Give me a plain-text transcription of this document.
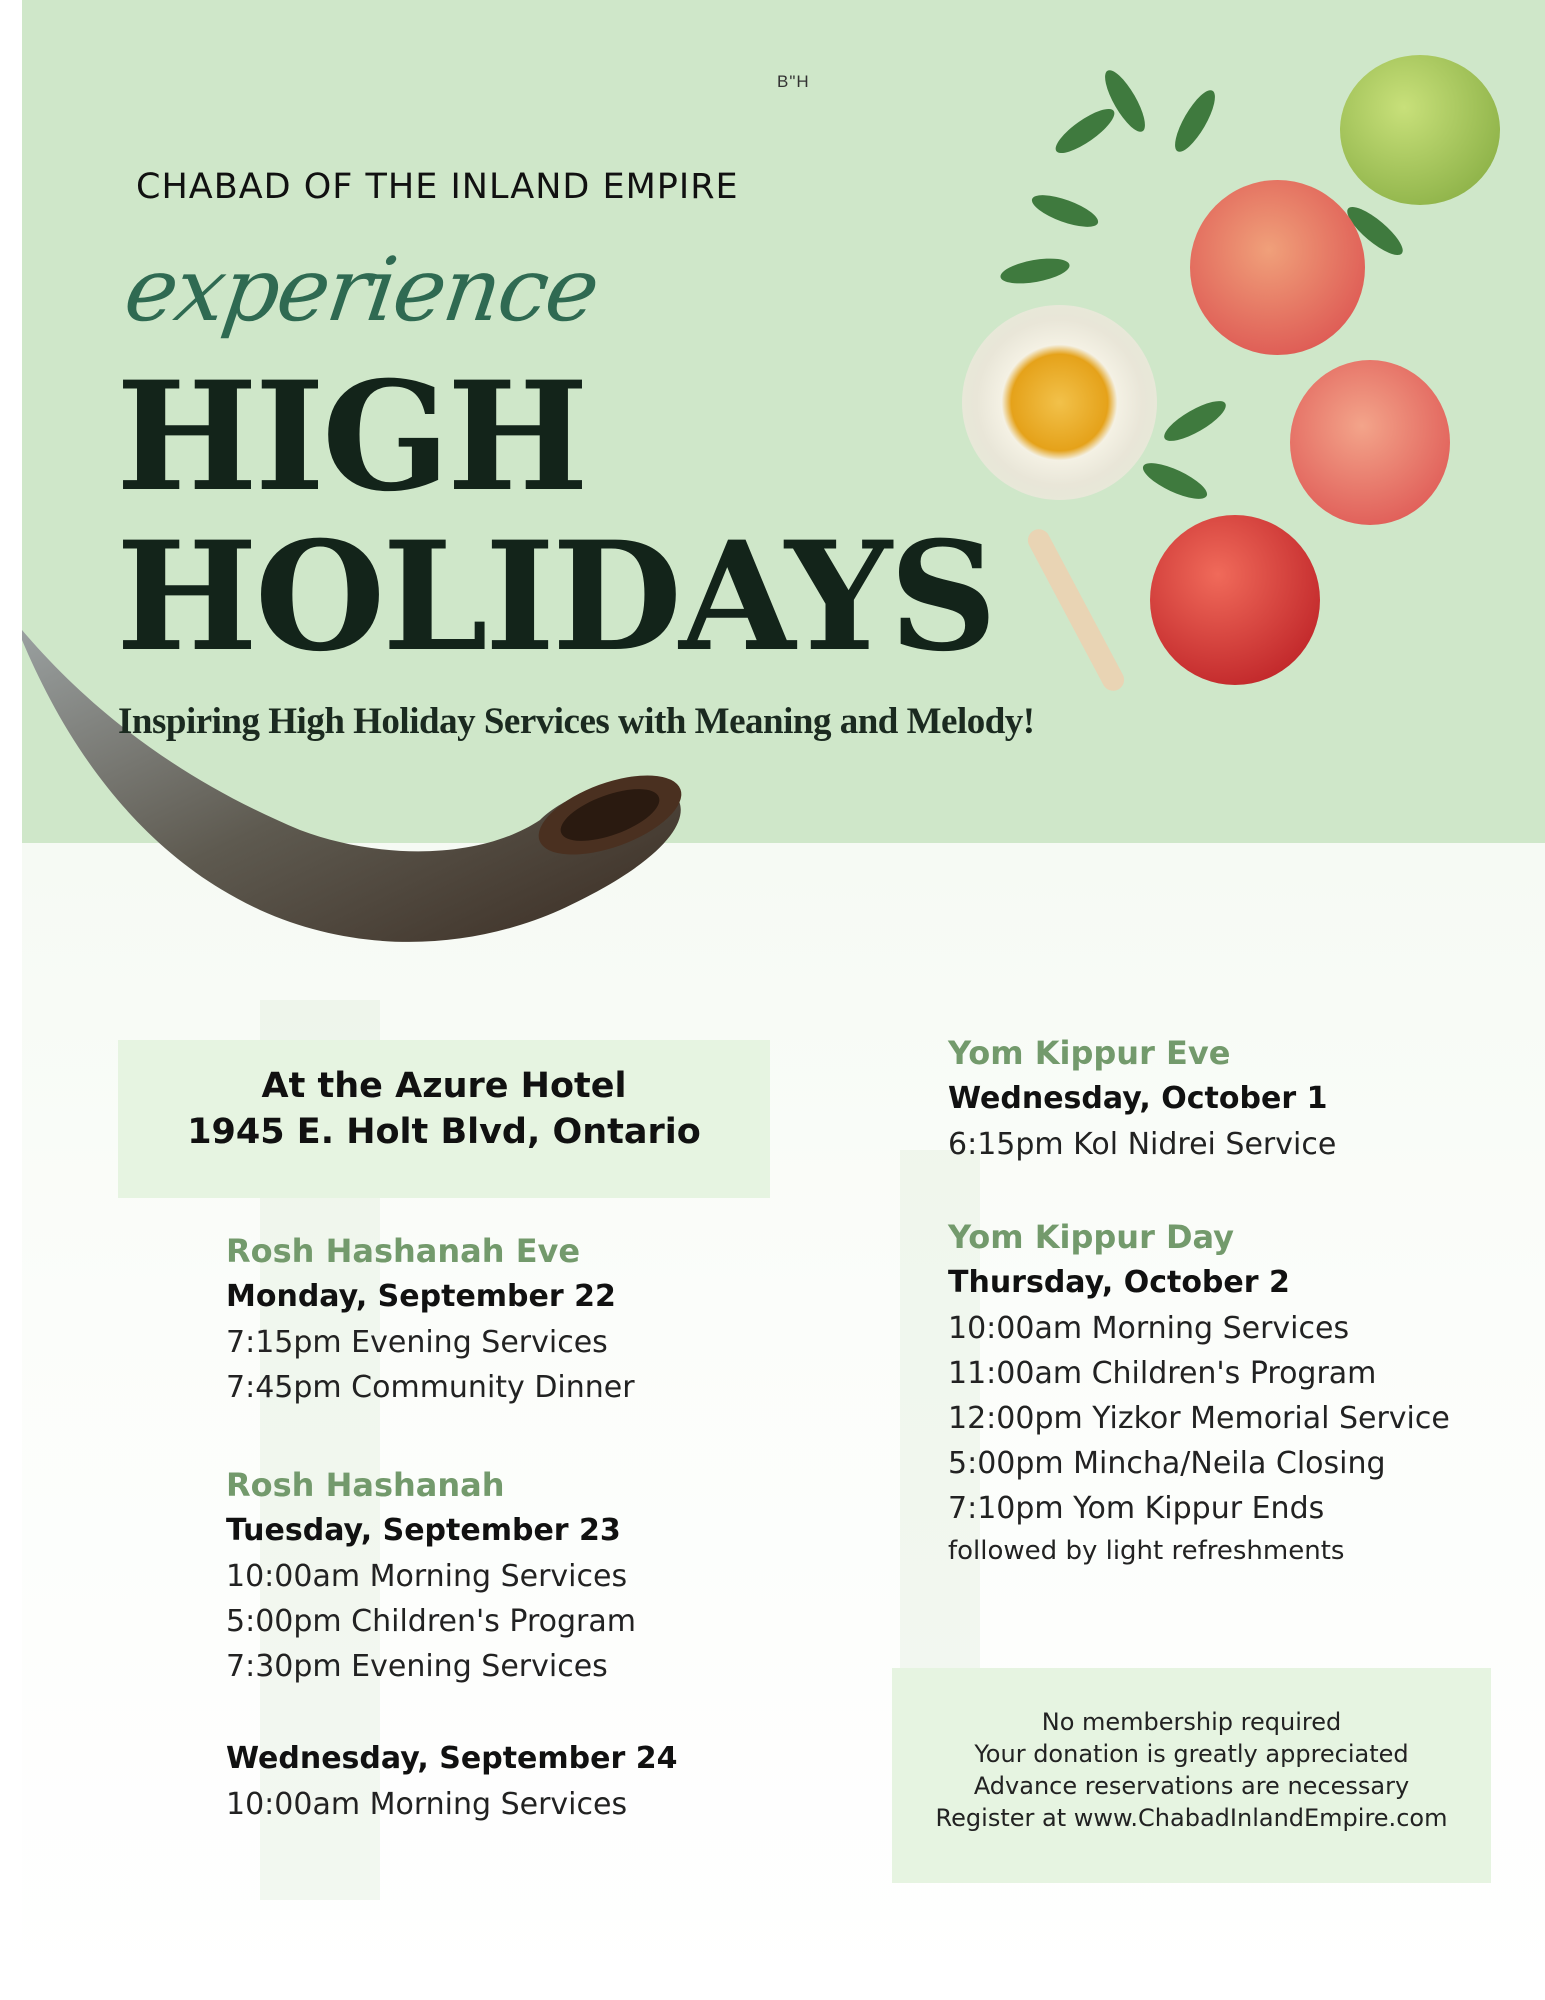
B"H
CHABAD OF THE INLAND EMPIRE
experience
HIGH
HOLIDAYS
Inspiring High Holiday Services with Meaning and Melody!
At the Azure Hotel
1945 E. Holt Blvd, Ontario
Rosh Hashanah Eve
Monday, September 22
7:15pm Evening Services
7:45pm Community Dinner
Rosh Hashanah
Tuesday, September 23
10:00am Morning Services
5:00pm Children's Program
7:30pm Evening Services
Wednesday, September 24
10:00am Morning Services
Yom Kippur Eve
Wednesday, October 1
6:15pm Kol Nidrei Service
Yom Kippur Day
Thursday, October 2
10:00am Morning Services
11:00am Children's Program
12:00pm Yizkor Memorial Service
5:00pm Mincha/Neila Closing
7:10pm Yom Kippur Ends
followed by light refreshments
No membership required
Your donation is greatly appreciated
Advance reservations are necessary
Register at www.ChabadInlandEmpire.com
